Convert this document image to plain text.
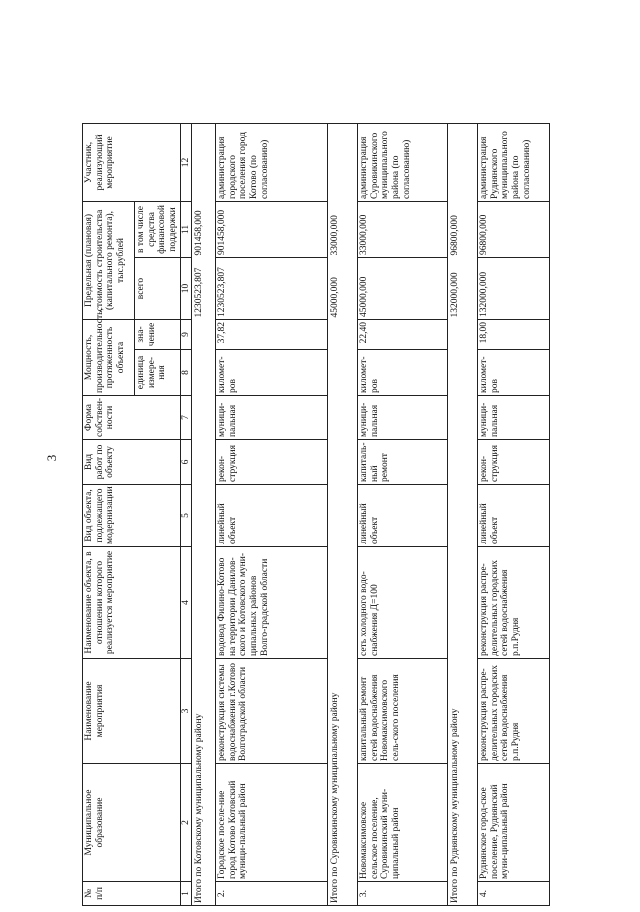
3
№ п/п	Муниципальное образование	Наименование мероприятия	Наименование объекта, в отношении которого реализуется мероприятие	Вид объекта, подлежащего модернизации	Вид работ по объекту	Форма собствен-ности	Мощность, производительность, протяженность объекта		Предельная (плановая) стоимость строительства (капитального ремонта), тыс.рублей		Участник, реализующий мероприятие
							единица измере-ния	зна-чение	всего	в том числе средства финансовой поддержки	
1	2	3	4	5	6	7	8	9	10	11	12
Итого по Котовскому муниципальному району									1230523,807	901458,000	
2.	Городское поселе-ние город Котово Котовский муници-пальный район	реконструкция системы водоснабжения г.Котово Волгоградской области	водовод Филино-Котово на территории Данилов-ского и Котовского муни-ципальных районов Волго-градской области	линейный объект	рекон-струкция	муници-пальная	километ-ров	37,82	1230523,807	901458,000	администрация городского поселения город Котово (по согласованию)
Итого по Суровикинскому муниципальному району									45000,000	33000,000	
3.	Новомаксимовское сельское поселение, Суровикинский муни-ципальный район	капитальный ремонт сетей водоснабжения Новомаксимовского сель-ского поселения	сеть холодного водо-снабжения Д=100	линейный объект	капиталь-ный ремонт	муници-пальная	километ-ров	22,40	45000,000	33000,000	администрация Суровикинского муниципального района (по согласованию)
Итого по Руднянскому муниципальному району									132000,000	96800,000	
4.	Руднянское город-ское поселение, Руднянский муни-ципальный район	реконструкция распре-делительных городских сетей водоснабжения р.п.Рудня	реконструкция распре-делительных городских сетей водоснабжения р.п.Рудня	линейный объект	рекон-струкция	муници-пальная	километ-ров	18,00	132000,000	96800,000	администрация Руднянского муниципального района (по согласованию)
